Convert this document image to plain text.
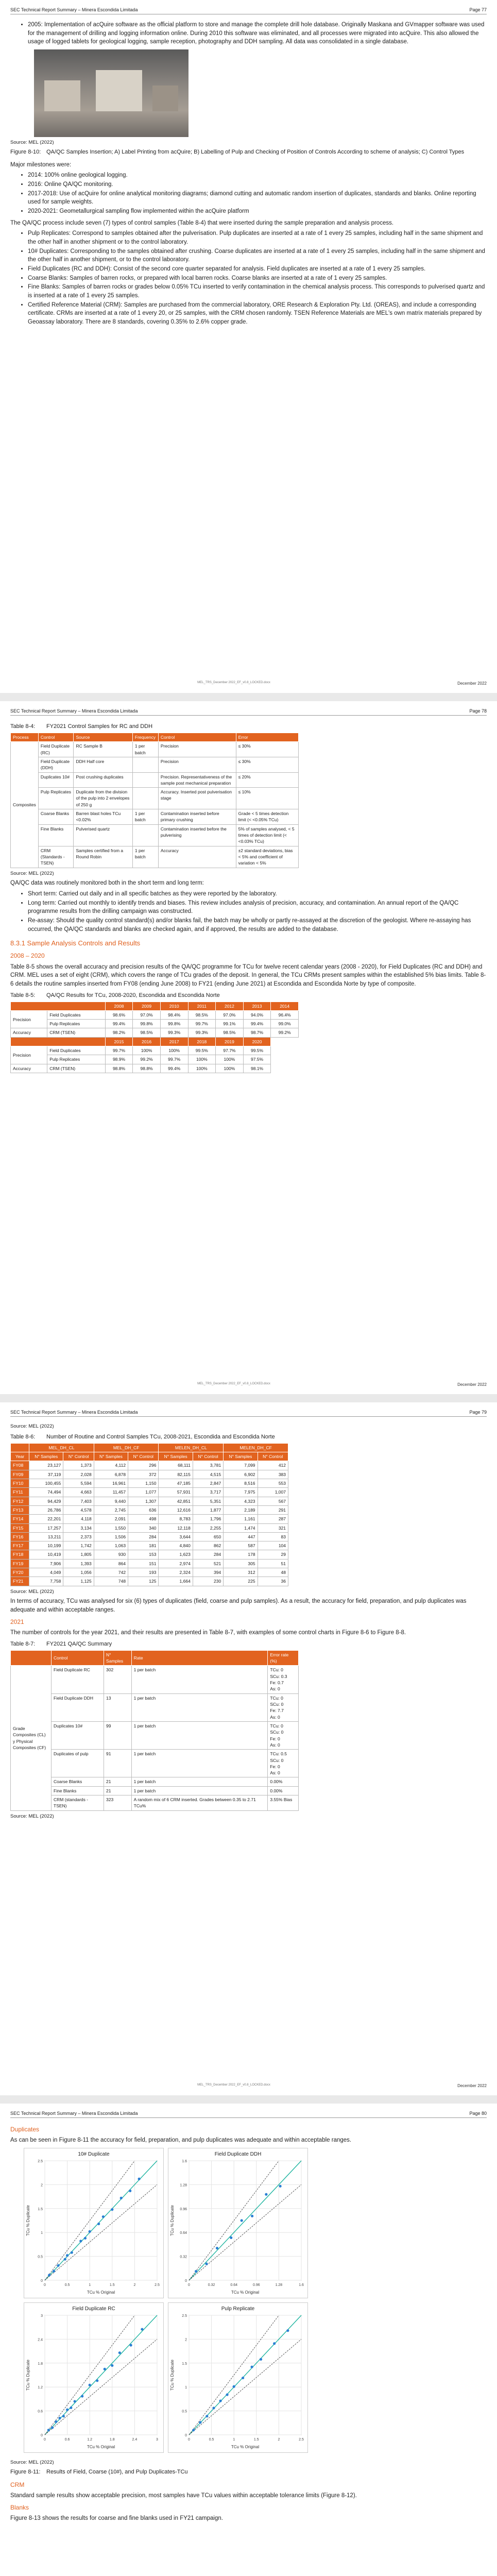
SEC Technical Report Summary – Minera Escondida Limitada	Page 77
• 2005: Implementation of acQuire software as the official platform to store and manage the complete drill hole database. Originally Maskana and GVmapper software was used for the management of drilling and logging information online. During 2010 this software was eliminated, and all processes were migrated into acQuire. This also allowed the usage of logged tablets for geological logging, sample reception, photography and DDH sampling. All data was consolidated in a single database.
Source: MEL (2022)
Figure 8-10: QA/QC Samples Insertion; A) Label Printing from acQuire; B) Labelling of Pulp and Checking of Position of Controls According to scheme of analysis; C) Control Types

Major milestones were:

• 2014: 100% online geological logging.
• 2016: Online QA/QC monitoring.
• 2017-2018: Use of acQuire for online analytical monitoring diagrams; diamond cutting and automatic random insertion of duplicates, standards and blanks. Online reporting used for sample weights.
• 2020-2021: Geometallurgical sampling flow implemented within the acQuire platform

The QA/QC process include seven (7) types of control samples (Table 8-4) that were inserted during the sample preparation and analysis process.

• Pulp Replicates: Correspond to samples obtained after the pulverisation. Pulp duplicates are inserted at a rate of 1 every 25 samples, including half in the same shipment and the other half in another shipment or to the control laboratory.
• 10# Duplicates: Corresponding to the samples obtained after crushing. Coarse duplicates are inserted at a rate of 1 every 25 samples, including half in the same shipment and the other half in another shipment, or to the control laboratory.
• Field Duplicates (RC and DDH): Consist of the second core quarter separated for analysis. Field duplicates are inserted at a rate of 1 every 25 samples.
• Coarse Blanks: Samples of barren rocks, or prepared with local barren rocks. Coarse blanks are inserted at a rate of 1 every 25 samples.
• Fine Blanks: Samples of barren rocks or grades below 0.05% TCu inserted to verify contamination in the chemical analysis process. This corresponds to pulverised quartz and is inserted at a rate of 1 every 25 samples.
• Certified Reference Material (CRM): Samples are purchased from the commercial laboratory, ORE Research & Exploration Pty. Ltd. (OREAS), and include a corresponding certificate. CRMs are inserted at a rate of 1 every 20, or 25 samples, with the CRM chosen randomly. TSEN Reference Materials are MEL's own matrix materials prepared by Geoassay laboratory. There are 8 standards, covering 0.35% to 2.6% copper grade.
MEL_TRS_December 2022_EF_v0.8_LOCKED.docx	December 2022
SEC Technical Report Summary – Minera Escondida Limitada	Page 78
Table 8-4:	FY2021 Control Samples for RC and DDH
Process	Control	Source	Frequency	Control	Error
Composites	Field Duplicate (RC)	RC Sample B	1 per batch	Precision	≤ 30%
	Field Duplicate (DDH)	DDH Half core		Precision	≤ 30%
	Duplicates 10#	Post crushing duplicates		Precision. Representativeness of the sample post mechanical preparation	≤ 20%
	Pulp Replicates	Duplicate from the division of the pulp into 2 envelopes of 250 g		Accuracy. Inserted post pulverisation stage	≤ 10%
	Coarse Blanks	Barren blast holes TCu <0.02%	1 per batch	Contamination inserted before primary crushing	Grade < 5 times detection limit (< <0.05% TCu)
	Fine Blanks	Pulverised quartz		Contamination inserted before the pulverising	5% of samples analysed, < 5 times of detection limit (< <0.03% TCu)
	CRM (Standards - TSEN)	Samples certified from a Round Robin	1 per batch	Accuracy	±2 standard deviations, bias < 5% and coefficient of variation < 5%
Source: MEL (2022)

QA/QC data was routinely monitored both in the short term and long term:

• Short term: Carried out daily and in all specific batches as they were reported by the laboratory.
• Long term: Carried out monthly to identify trends and biases. This review includes analysis of precision, accuracy, and contamination. An annual report of the QA/QC programme results from the drilling campaign was constructed.
• Re-assay: Should the quality control standard(s) and/or blanks fail, the batch may be wholly or partly re-assayed at the discretion of the geologist. Where re-assaying has occurred, the QA/QC standards and blanks are checked again, and if approved, the results are added to the database.
8.3.1 Sample Analysis Controls and Results
2008 – 2020

Table 8-5 shows the overall accuracy and precision results of the QA/QC programme for TCu for twelve recent calendar years (2008 - 2020), for Field Duplicates (RC and DDH) and CRM. MEL uses a set of eight (CRM), which covers the range of TCu grades of the deposit. In general, the TCu CRMs present samples within the established 5% bias limits. Table 8-6 details the routine samples inserted from FY08 (ending June 2008) to FY21 (ending June 2021) at Escondida and Escondida Norte by type of composite.

Table 8-5:	QA/QC Results for TCu, 2008-2020, Escondida and Escondida Norte
		2008	2009	2010	2011	2012	2013	2014
Precision	Field Duplicates	98.6%	97.0%	98.4%	98.5%	97.0%	94.0%	96.4%
	Pulp Replicates	99.4%	99.8%	99.8%	99.7%	99.1%	99.4%	99.0%
Accuracy	CRM (TSEN)	98.2%	98.5%	99.3%	99.3%	98.5%	98.7%	99.2%
		2015	2016	2017	2018	2019	2020	
Precision	Field Duplicates	99.7%	100%	100%	99.5%	97.7%	99.5%	
	Pulp Replicates	98.9%	99.2%	99.7%	100%	100%	97.5%	
Accuracy	CRM (TSEN)	98.8%	98.8%	99.4%	100%	100%	98.1%	
MEL_TRS_December 2022_EF_v0.8_LOCKED.docx	December 2022
SEC Technical Report Summary – Minera Escondida Limitada	Page 79
Source: MEL (2022)
Table 8-6:	Number of Routine and Control Samples TCu, 2008-2021, Escondida and Escondida Norte
	MEL_DH_CL		MEL_DH_CF		MELEN_DH_CL		MELEN_DH_CF	
Year	N° Samples	N° Control	N° Samples	N° Control	N° Samples	N° Control	N° Samples	N° Control
FY08	23,127	1,373	4,112	296	68,111	3,781	7,099	412
FY09	37,119	2,028	6,878	372	82,115	4,515	6,902	383
FY10	100,455	5,594	16,961	1,150	47,185	2,847	8,516	553
FY11	74,494	4,663	11,457	1,077	57,931	3,717	7,975	1,007
FY12	94,429	7,403	9,440	1,307	42,851	5,351	4,323	567
FY13	26,786	4,578	2,745	636	12,616	1,877	2,189	291
FY14	22,201	4,118	2,091	498	8,783	1,796	1,161	287
FY15	17,257	3,134	1,550	340	12,118	2,255	1,474	321
FY16	13,211	2,373	1,506	284	3,644	650	447	83
FY17	10,199	1,742	1,063	181	4,840	862	587	104
FY18	10,419	1,805	930	153	1,623	284	178	29
FY19	7,906	1,393	864	151	2,974	521	305	51
FY20	4,049	1,056	742	193	2,324	394	312	48
FY21	7,758	1,125	748	125	1,664	230	225	36
Source: MEL (2022)

In terms of accuracy, TCu was analysed for six (6) types of duplicates (field, coarse and pulp samples). As a result, the accuracy for field, preparation, and pulp duplicates was adequate and within acceptable ranges.

2021

The number of controls for the year 2021, and their results are presented in Table 8-7, with examples of some control charts in Figure 8-6 to Figure 8-8.

Table 8-7:	FY2021 QA/QC Summary
	Control	N° Samples	Rate	Error rate (%)
Grade Composites (CL) y Physical Composites (CF)	Field Duplicate RC	302	1 per batch	TCu: 0
SCu: 0.3
Fe: 0.7
As: 0
	Field Duplicate DDH	13	1 per batch	TCu: 0
SCu: 0
Fe: 7.7
As: 0
	Duplicates 10#	99	1 per batch	TCu: 0
SCu: 0
Fe: 0
As: 0
	Duplicates of pulp	91	1 per batch	TCu: 0.5
SCu: 0
Fe: 0
As: 0
	Coarse Blanks	21	1 per batch	0.00%
	Fine Blanks	21	1 per batch	0.00%
	CRM (standards - TSEN)	323	A random mix of 6 CRM inserted. Grades between 0.35 to 2.71 TCu%	3.55% Bias
Source: MEL (2022)
MEL_TRS_December 2022_EF_v0.8_LOCKED.docx	December 2022
SEC Technical Report Summary – Minera Escondida Limitada	Page 80
Duplicates

As can be seen in Figure 8-11 the accuracy for field, preparation, and pulp duplicates was adequate and within acceptable ranges.

0
0
0.5
0.5
1
1
1.5
1.5
2
2
2.5
2.5
10# Duplicate
TCu % Original
TCu % Duplicate
0
0
0.32
0.32
0.64
0.64
0.96
0.96
1.28
1.28
1.6
1.6
Field Duplicate DDH
TCu % Original
TCu % Duplicate
0
0
0.6
0.6
1.2
1.2
1.8
1.8
2.4
2.4
3
3
Field Duplicate RC
TCu % Original
TCu % Duplicate
0
0
0.5
0.5
1
1
1.5
1.5
2
2
2.5
2.5
Pulp Replicate
TCu % Original
TCu % Duplicate
Source: MEL (2022)
Figure 8-11:	Results of Field, Coarse (10#), and Pulp Duplicates-TCu
CRM

Standard sample results show acceptable precision, most samples have TCu values within acceptable tolerance limits (Figure 8-12).

Blanks

Figure 8-13 shows the results for coarse and fine blanks used in FY21 campaign.
